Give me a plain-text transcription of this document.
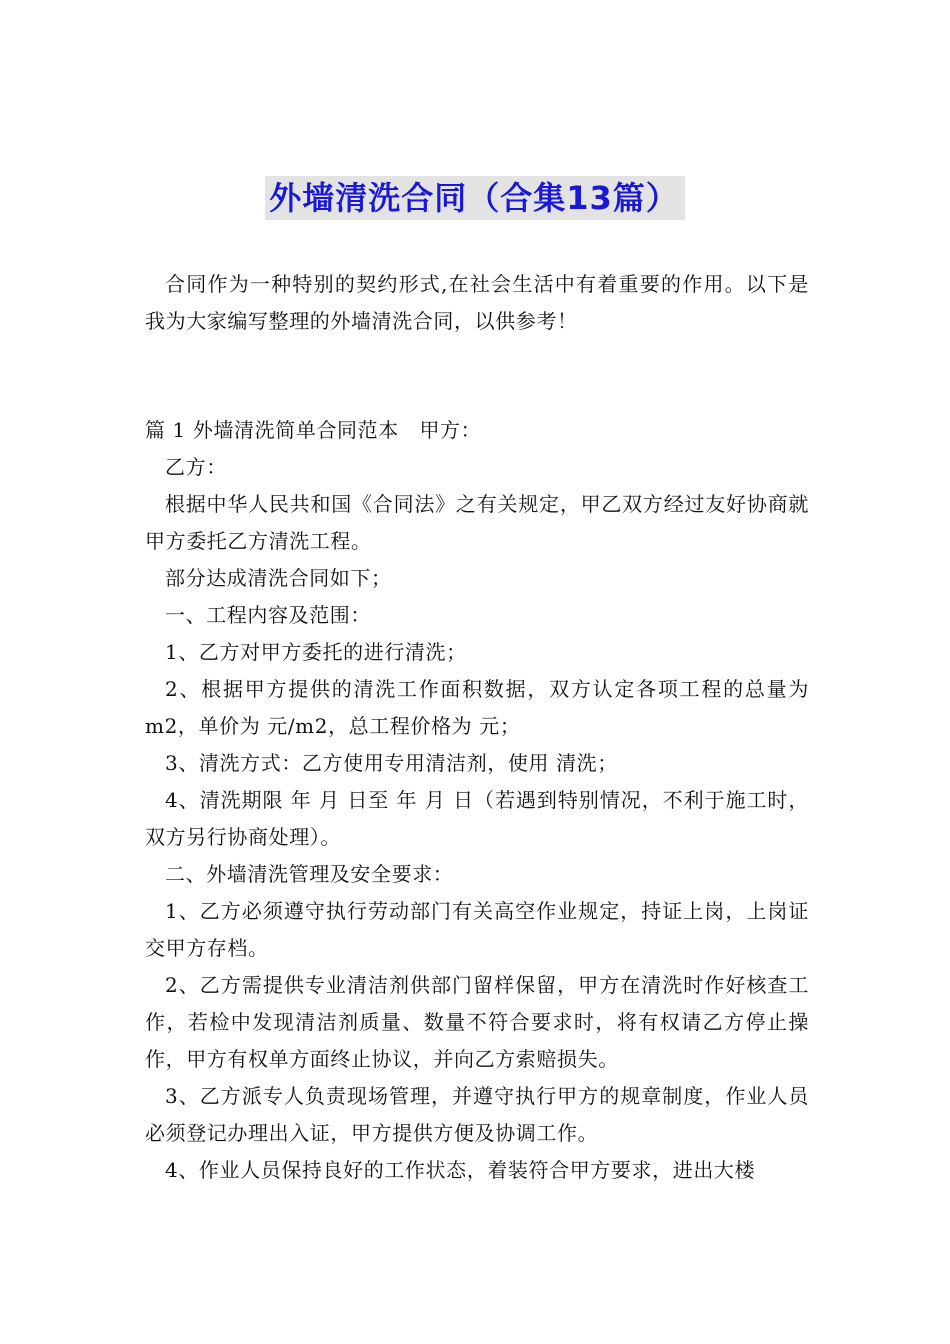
外墙清洗合同（合集13篇）

合同作为一种特别的契约形式,在社会生活中有着重要的作用。以下是我为大家编写整理的外墙清洗合同，以供参考！

篇 1 外墙清洗简单合同范本　甲方：

乙方：

根据中华人民共和国《合同法》之有关规定，甲乙双方经过友好协商就甲方委托乙方清洗工程。

部分达成清洗合同如下；

一、工程内容及范围：

1、乙方对甲方委托的进行清洗；

2、根据甲方提供的清洗工作面积数据，双方认定各项工程的总量为 m2，单价为 元/m2，总工程价格为 元；

3、清洗方式：乙方使用专用清洁剂，使用 清洗；

4、清洗期限 年 月 日至 年 月 日（若遇到特别情况，不利于施工时，双方另行协商处理）。

二、外墙清洗管理及安全要求：

1、乙方必须遵守执行劳动部门有关高空作业规定，持证上岗，上岗证交甲方存档。

2、乙方需提供专业清洁剂供部门留样保留，甲方在清洗时作好核查工作，若检中发现清洁剂质量、数量不符合要求时，将有权请乙方停止操作，甲方有权单方面终止协议，并向乙方索赔损失。

3、乙方派专人负责现场管理，并遵守执行甲方的规章制度，作业人员必须登记办理出入证，甲方提供方便及协调工作。

4、作业人员保持良好的工作状态，着装符合甲方要求，进出大楼
